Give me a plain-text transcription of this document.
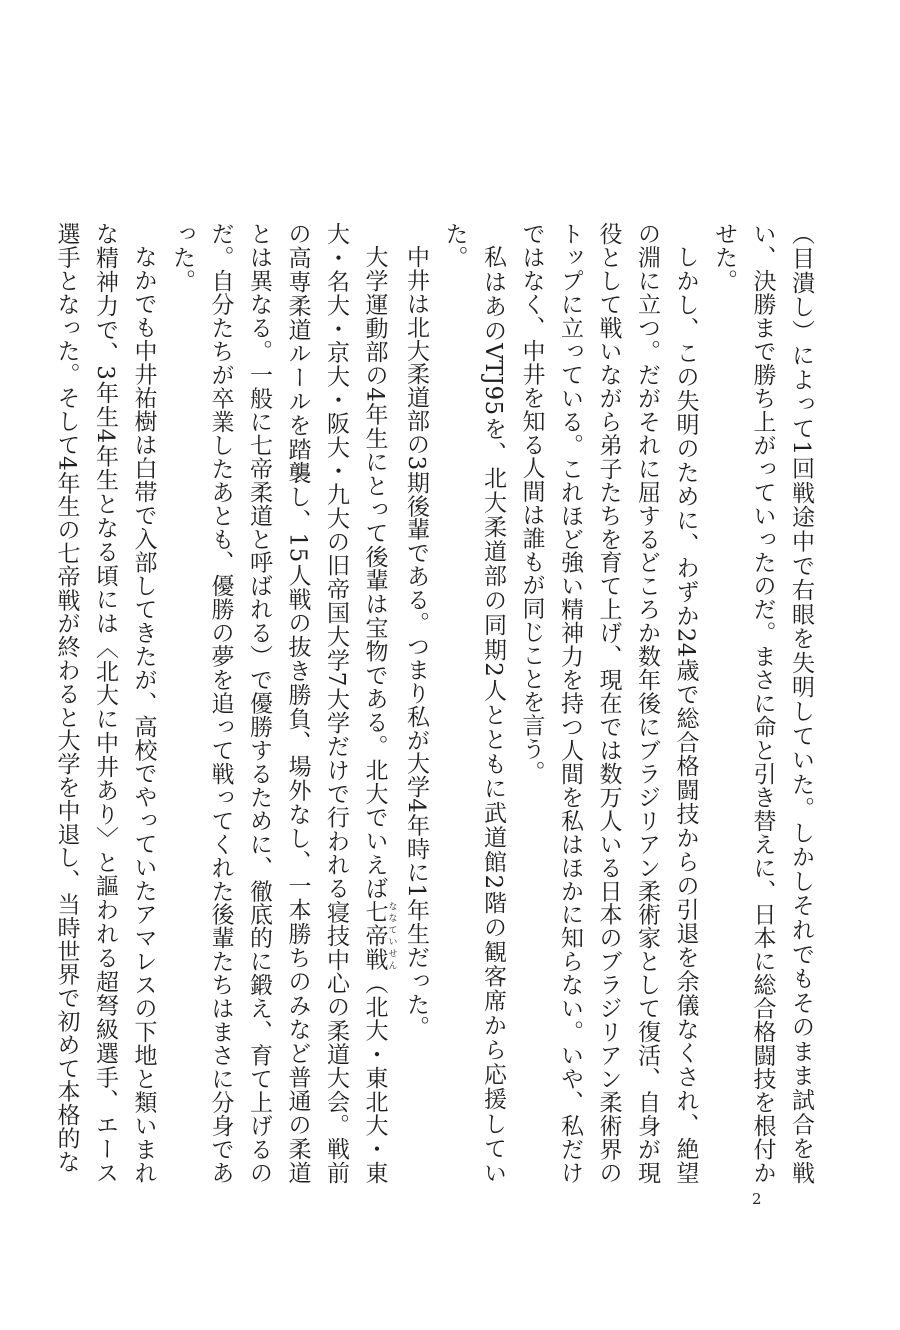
（目潰し）によって1回戦途中で右眼を失明していた。しかしそれでもそのまま試合を戦い、決勝まで勝ち上がっていったのだ。まさに命と引き替えに、日本に総合格闘技を根付かせた。

しかし、この失明のために、わずか24歳で総合格闘技からの引退を余儀なくされ、絶望の淵に立つ。だがそれに屈するどころか数年後にブラジリアン柔術家として復活、自身が現役として戦いながら弟子たちを育て上げ、現在では数万人いる日本のブラジリアン柔術界のトップに立っている。これほど強い精神力を持つ人間を私はほかに知らない。いや、私だけではなく、中井を知る人間は誰もが同じことを言う。

私はあのVTJ95を、北大柔道部の同期2人とともに武道館2階の観客席から応援していた。

中井は北大柔道部の3期後輩である。つまり私が大学4年時に1年生だった。

大学運動部の4年生にとって後輩は宝物である。北大でいえば七帝戦 ななていせん（北大・東北大・東大・名大・京大・阪大・九大の旧帝国大学7大学だけで行われる寝技中心の柔道大会。戦前の高専柔道ルールを踏襲し、15人戦の抜き勝負、場外なし、一本勝ちのみなど普通の柔道とは異なる。一般に七帝柔道と呼ばれる）で優勝するために、徹底的に鍛え、育て上げるのだ。自分たちが卒業したあとも、優勝の夢を追って戦ってくれた後輩たちはまさに分身であった。

なかでも中井祐樹は白帯で入部してきたが、高校でやっていたアマレスの下地と類いまれな精神力で、3年生4年生となる頃には〈北大に中井あり〉と謳われる超弩級選手、エース選手となった。そして4年生の七帝戦が終わると大学を中退し、当時世界で初めて本格的な

2
